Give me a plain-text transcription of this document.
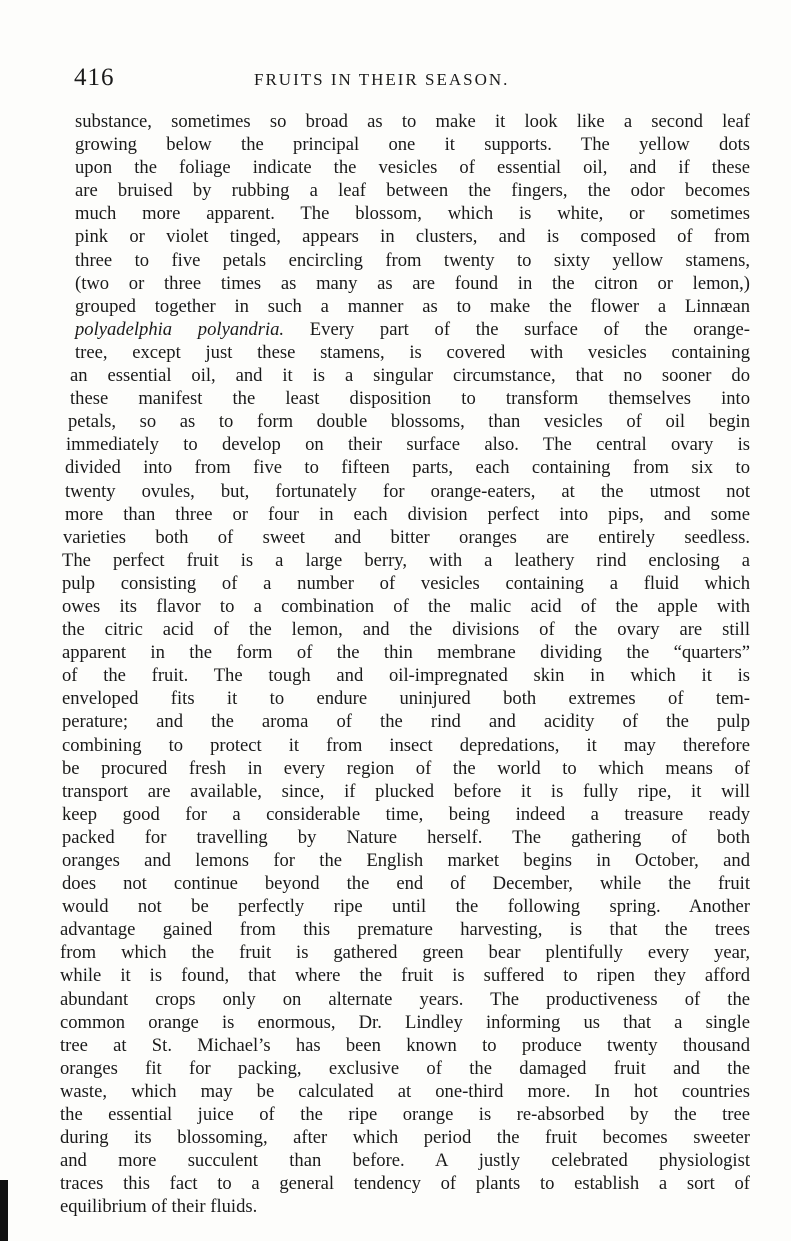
416	FRUITS IN THEIR SEASON.
substance, sometimes so broad as to make it look like a second leaf
growing below the principal one it supports. The yellow dots
upon the foliage indicate the vesicles of essential oil, and if these
are bruised by rubbing a leaf between the fingers, the odor becomes
much more apparent. The blossom, which is white, or sometimes
pink or violet tinged, appears in clusters, and is composed of from
three to five petals encircling from twenty to sixty yellow stamens,
(two or three times as many as are found in the citron or lemon,)
grouped together in such a manner as to make the flower a Linnæan
polyadelphia polyandria. Every part of the surface of the orange-
tree, except just these stamens, is covered with vesicles containing
an essential oil, and it is a singular circumstance, that no sooner do
these manifest the least disposition to transform themselves into
petals, so as to form double blossoms, than vesicles of oil begin
immediately to develop on their surface also. The central ovary is
divided into from five to fifteen parts, each containing from six to
twenty ovules, but, fortunately for orange-eaters, at the utmost not
more than three or four in each division perfect into pips, and some
varieties both of sweet and bitter oranges are entirely seedless.
The perfect fruit is a large berry, with a leathery rind enclosing a
pulp consisting of a number of vesicles containing a fluid which
owes its flavor to a combination of the malic acid of the apple with
the citric acid of the lemon, and the divisions of the ovary are still
apparent in the form of the thin membrane dividing the “quarters”
of the fruit. The tough and oil-impregnated skin in which it is
enveloped fits it to endure uninjured both extremes of tem-
perature; and the aroma of the rind and acidity of the pulp
combining to protect it from insect depredations, it may therefore
be procured fresh in every region of the world to which means of
transport are available, since, if plucked before it is fully ripe, it will
keep good for a considerable time, being indeed a treasure ready
packed for travelling by Nature herself. The gathering of both
oranges and lemons for the English market begins in October, and
does not continue beyond the end of December, while the fruit
would not be perfectly ripe until the following spring. Another
advantage gained from this premature harvesting, is that the trees
from which the fruit is gathered green bear plentifully every year,
while it is found, that where the fruit is suffered to ripen they afford
abundant crops only on alternate years. The productiveness of the
common orange is enormous, Dr. Lindley informing us that a single
tree at St. Michael’s has been known to produce twenty thousand
oranges fit for packing, exclusive of the damaged fruit and the
waste, which may be calculated at one-third more. In hot countries
the essential juice of the ripe orange is re-absorbed by the tree
during its blossoming, after which period the fruit becomes sweeter
and more succulent than before. A justly celebrated physiologist
traces this fact to a general tendency of plants to establish a sort of
equilibrium of their fluids.
